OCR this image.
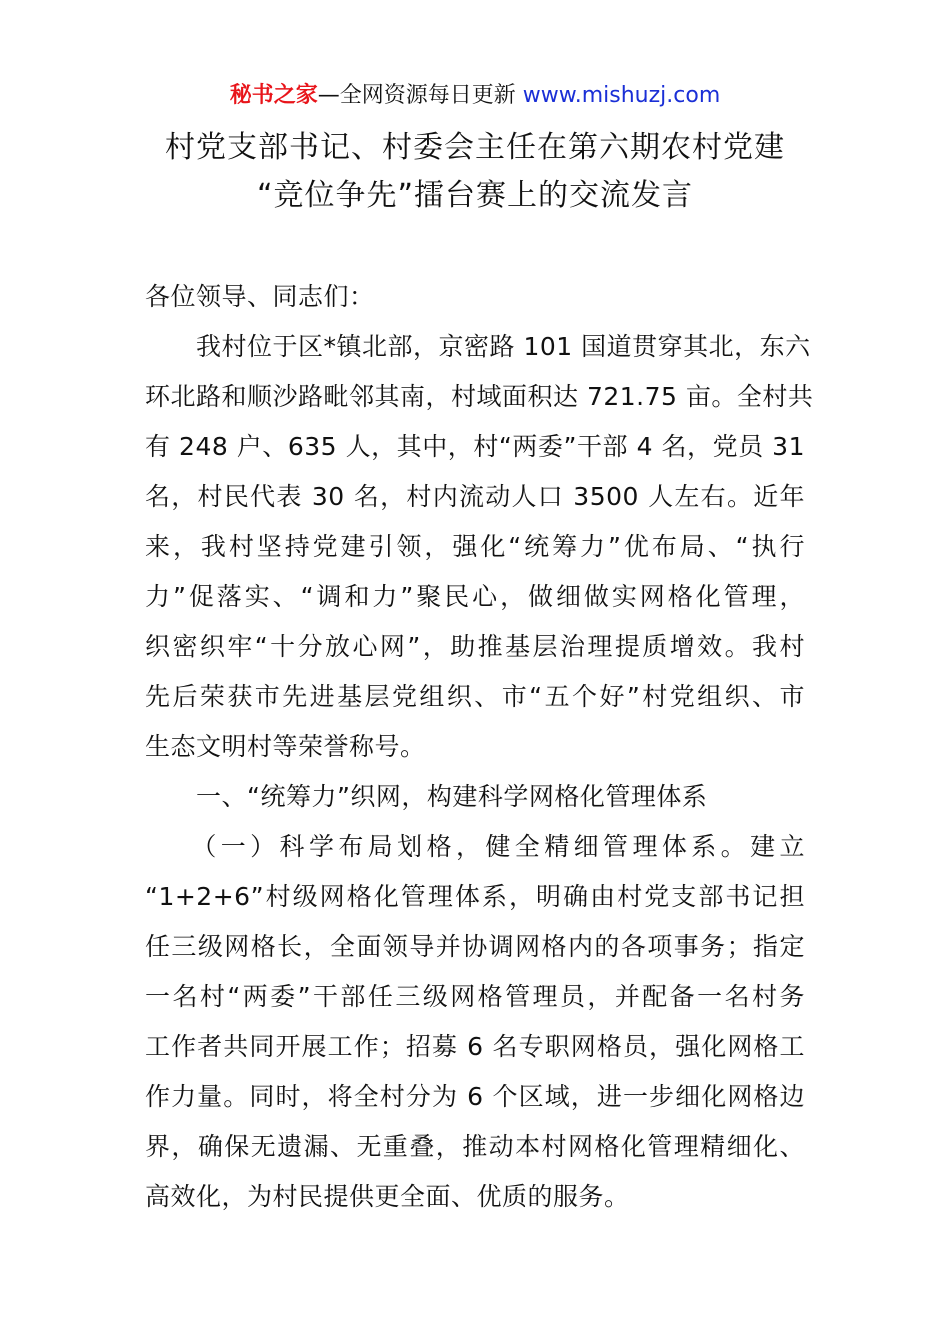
秘书之家—全网资源每日更新 www.mishuzj.com
村党支部书记、村委会主任在第六期农村党建
“竞位争先”擂台赛上的交流发言
各位领导、同志们：
　　我村位于区*镇北部，京密路 101 国道贯穿其北，东六
环北路和顺沙路毗邻其南，村域面积达 721.75 亩。全村共
有 248 户、635 人，其中，村“两委”干部 4 名，党员 31
名，村民代表 30 名，村内流动人口 3500 人左右。近年
来，我村坚持党建引领，强化“统筹力”优布局、“执行
力”促落实、“调和力”聚民心，做细做实网格化管理，
织密织牢“十分放心网”，助推基层治理提质增效。我村
先后荣获市先进基层党组织、市“五个好”村党组织、市
生态文明村等荣誉称号。
　　一、“统筹力”织网，构建科学网格化管理体系
　　（一）科学布局划格，健全精细管理体系。建立
“1+2+6”村级网格化管理体系，明确由村党支部书记担
任三级网格长，全面领导并协调网格内的各项事务；指定
一名村“两委”干部任三级网格管理员，并配备一名村务
工作者共同开展工作；招募 6 名专职网格员，强化网格工
作力量。同时，将全村分为 6 个区域，进一步细化网格边
界，确保无遗漏、无重叠，推动本村网格化管理精细化、
高效化，为村民提供更全面、优质的服务。
